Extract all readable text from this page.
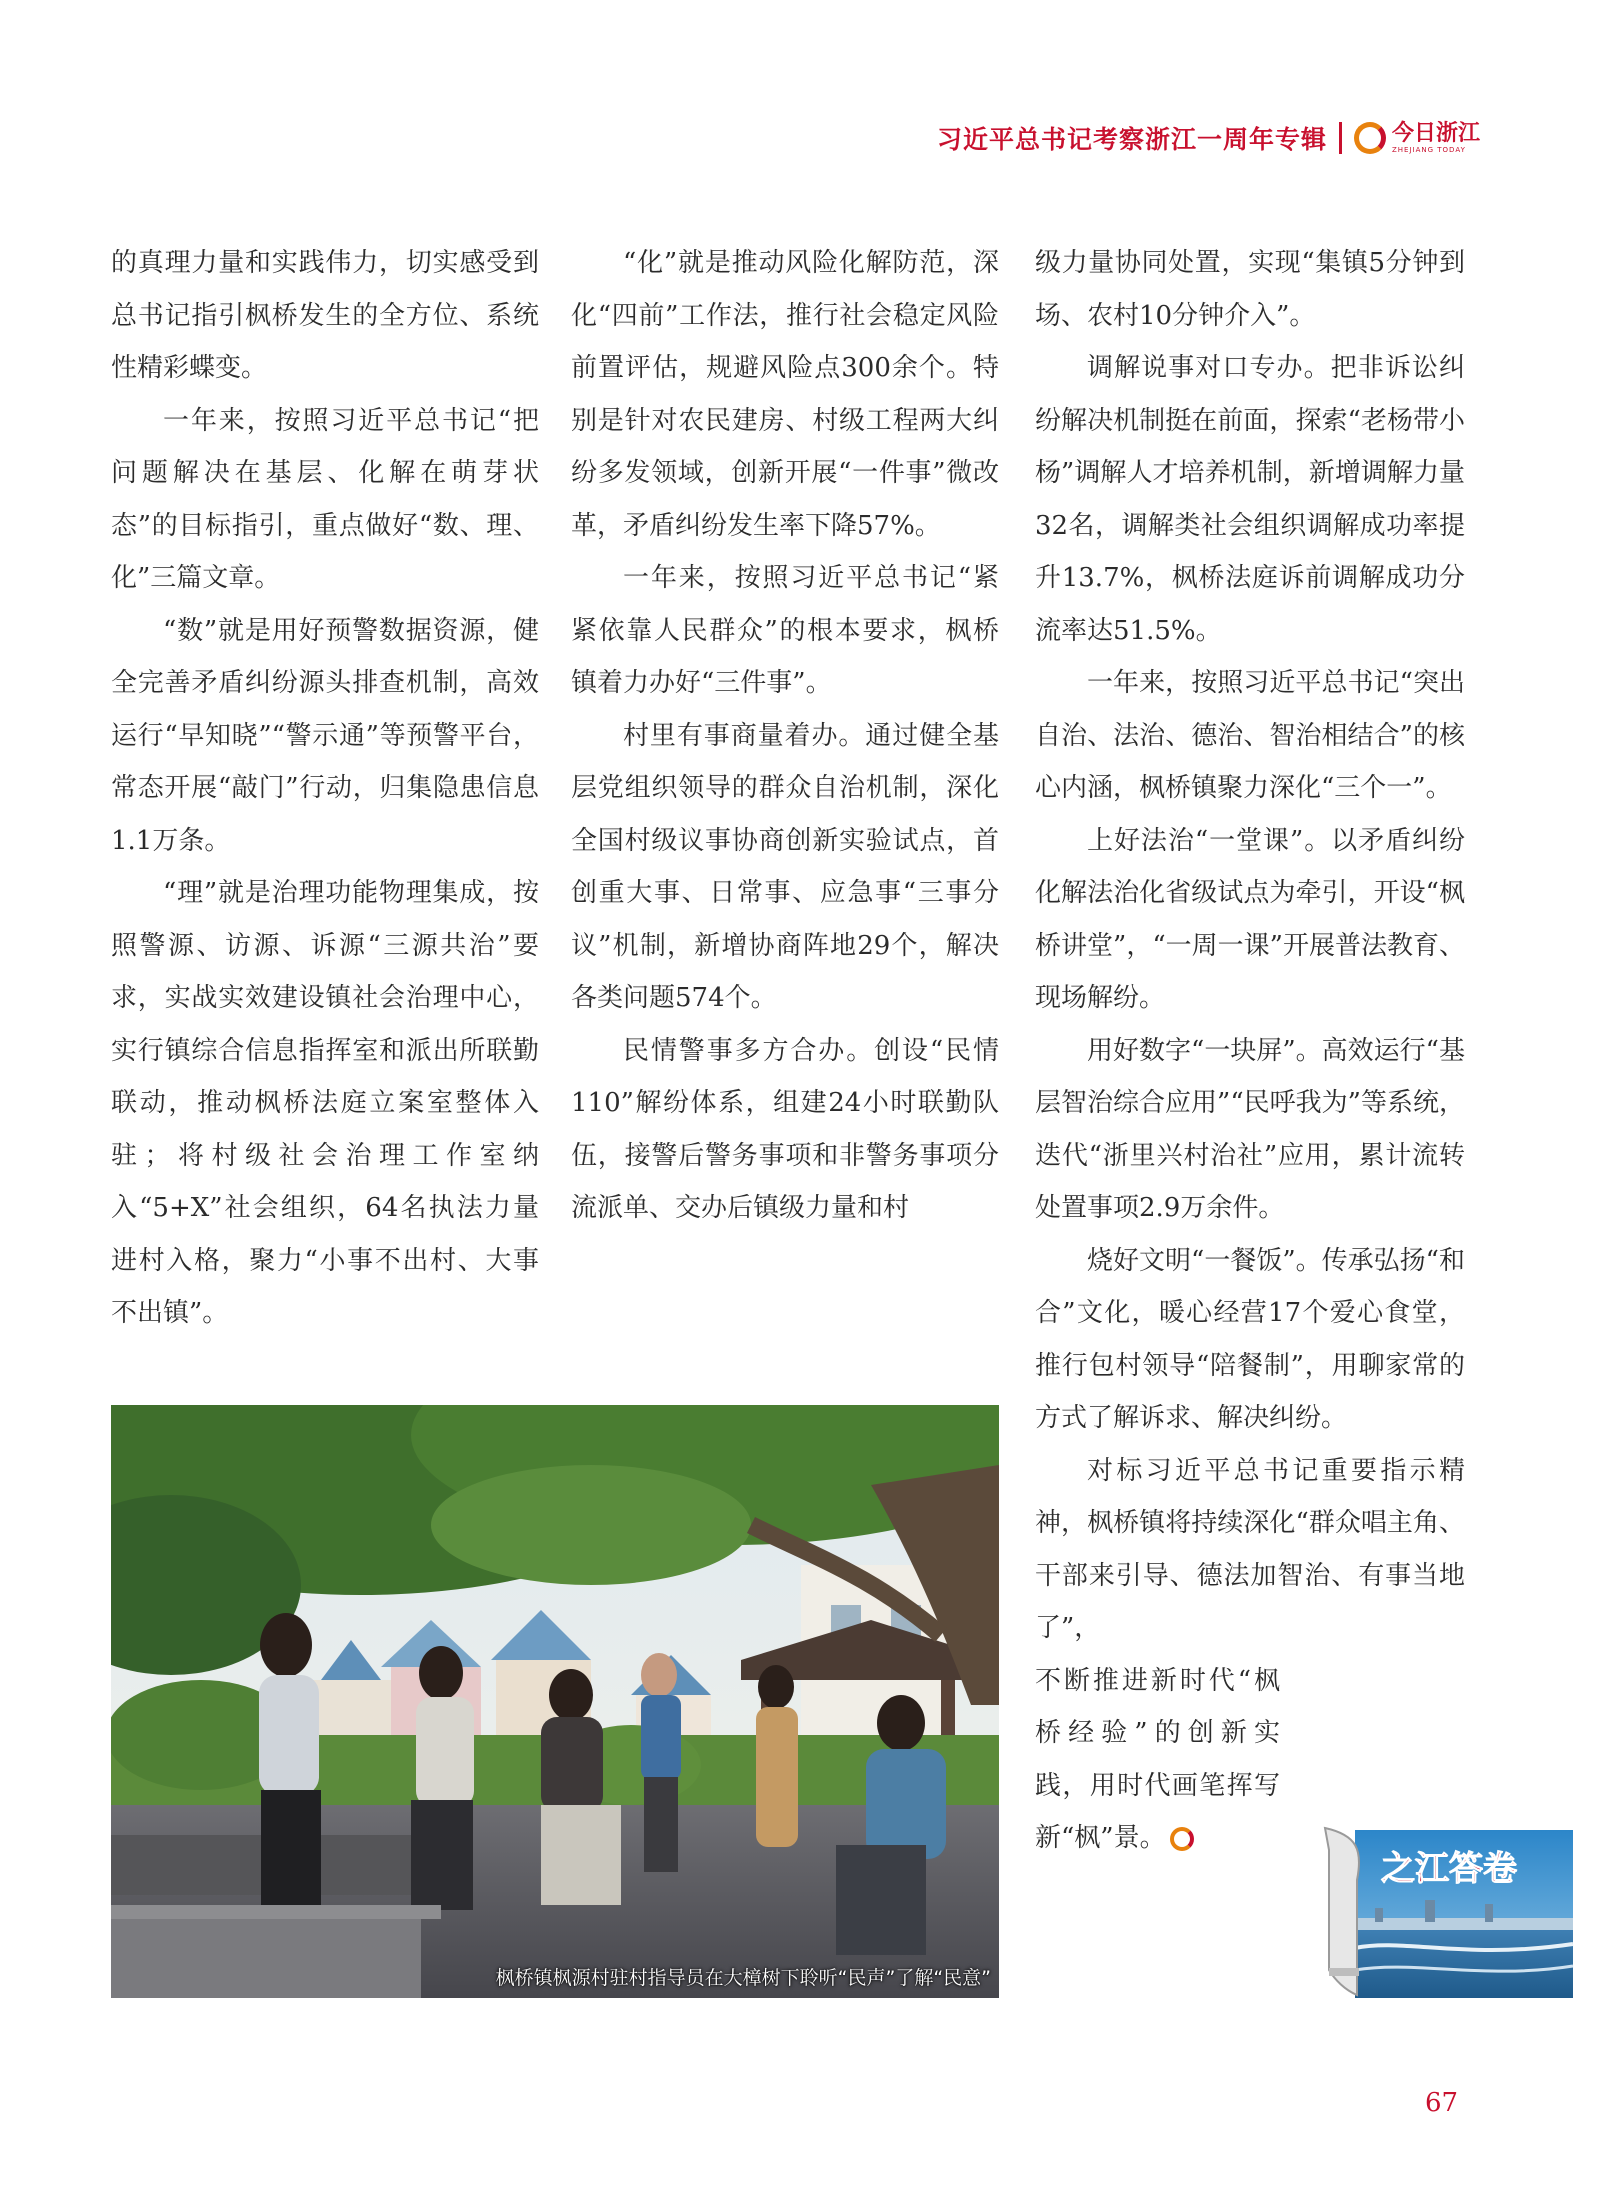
习近平总书记考察浙江一周年专辑	今日浙江
ZHEJIANG TODAY

的真理力量和实践伟力，切实感受到总书记指引枫桥发生的全方位、系统性精彩蝶变。

一年来，按照习近平总书记“把问题解决在基层、化解在萌芽状态”的目标指引，重点做好“数、理、化”三篇文章。

“数”就是用好预警数据资源，健全完善矛盾纠纷源头排查机制，高效运行“早知晓”“警示通”等预警平台，常态开展“敲门”行动，归集隐患信息1.1万条。

“理”就是治理功能物理集成，按照警源、访源、诉源“三源共治”要求，实战实效建设镇社会治理中心，实行镇综合信息指挥室和派出所联勤联动，推动枫桥法庭立案室整体入驻；将村级社会治理工作室纳入“5+X”社会组织，64名执法力量进村入格，聚力“小事不出村、大事不出镇”。

“化”就是推动风险化解防范，深化“四前”工作法，推行社会稳定风险前置评估，规避风险点300余个。特别是针对农民建房、村级工程两大纠纷多发领域，创新开展“一件事”微改革，矛盾纠纷发生率下降57%。

一年来，按照习近平总书记“紧紧依靠人民群众”的根本要求，枫桥镇着力办好“三件事”。

村里有事商量着办。通过健全基层党组织领导的群众自治机制，深化全国村级议事协商创新实验试点，首创重大事、日常事、应急事“三事分议”机制，新增协商阵地29个，解决各类问题574个。

民情警事多方合办。创设“民情110”解纷体系，组建24小时联勤队伍，接警后警务事项和非警务事项分流派单、交办后镇级力量和村

级力量协同处置，实现“集镇5分钟到场、农村10分钟介入”。

调解说事对口专办。把非诉讼纠纷解决机制挺在前面，探索“老杨带小杨”调解人才培养机制，新增调解力量32名，调解类社会组织调解成功率提升13.7%，枫桥法庭诉前调解成功分流率达51.5%。

一年来，按照习近平总书记“突出自治、法治、德治、智治相结合”的核心内涵，枫桥镇聚力深化“三个一”。

上好法治“一堂课”。以矛盾纠纷化解法治化省级试点为牵引，开设“枫桥讲堂”，“一周一课”开展普法教育、现场解纷。

用好数字“一块屏”。高效运行“基层智治综合应用”“民呼我为”等系统，迭代“浙里兴村治社”应用，累计流转处置事项2.9万余件。

烧好文明“一餐饭”。传承弘扬“和合”文化，暖心经营17个爱心食堂，推行包村领导“陪餐制”，用聊家常的方式了解诉求、解决纠纷。

对标习近平总书记重要指示精神，枫桥镇将持续深化“群众唱主角、干部来引导、德法加智治、有事当地了”，

不断推进新时代“枫桥经验”的创新实践，用时代画笔挥写新“枫”景。

枫桥镇枫源村驻村指导员在大樟树下聆听“民声”了解“民意”
之江答卷
67
